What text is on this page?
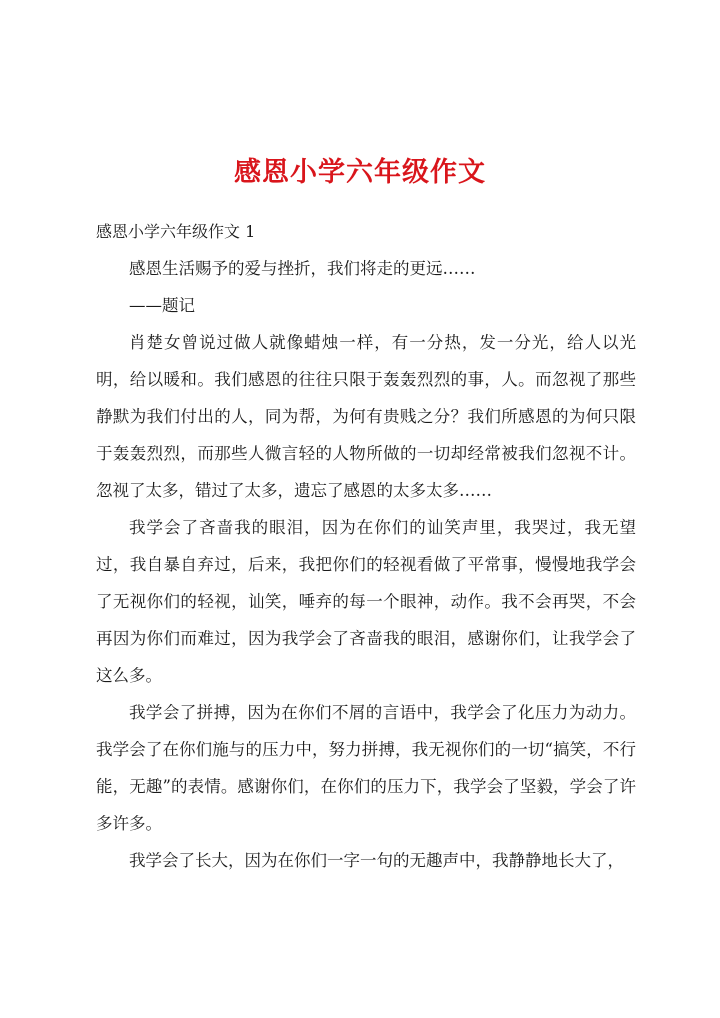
感恩小学六年级作文
感恩小学六年级作文 1

感恩生活赐予的爱与挫折，我们将走的更远……

——题记

肖楚女曾说过做人就像蜡烛一样，有一分热，发一分光，给人以光明，给以暖和。我们感恩的往往只限于轰轰烈烈的事，人。而忽视了那些静默为我们付出的人，同为帮，为何有贵贱之分？我们所感恩的为何只限于轰轰烈烈，而那些人微言轻的人物所做的一切却经常被我们忽视不计。忽视了太多，错过了太多，遗忘了感恩的太多太多……

我学会了吝啬我的眼泪，因为在你们的讪笑声里，我哭过，我无望过，我自暴自弃过，后来，我把你们的轻视看做了平常事，慢慢地我学会了无视你们的轻视，讪笑，唾弃的每一个眼神，动作。我不会再哭，不会再因为你们而难过，因为我学会了吝啬我的眼泪，感谢你们，让我学会了这么多。

我学会了拼搏，因为在你们不屑的言语中，我学会了化压力为动力。我学会了在你们施与的压力中，努力拼搏，我无视你们的一切“搞笑，不行能，无趣”的表情。感谢你们，在你们的压力下，我学会了坚毅，学会了许多许多。

我学会了长大，因为在你们一字一句的无趣声中，我静静地长大了，
